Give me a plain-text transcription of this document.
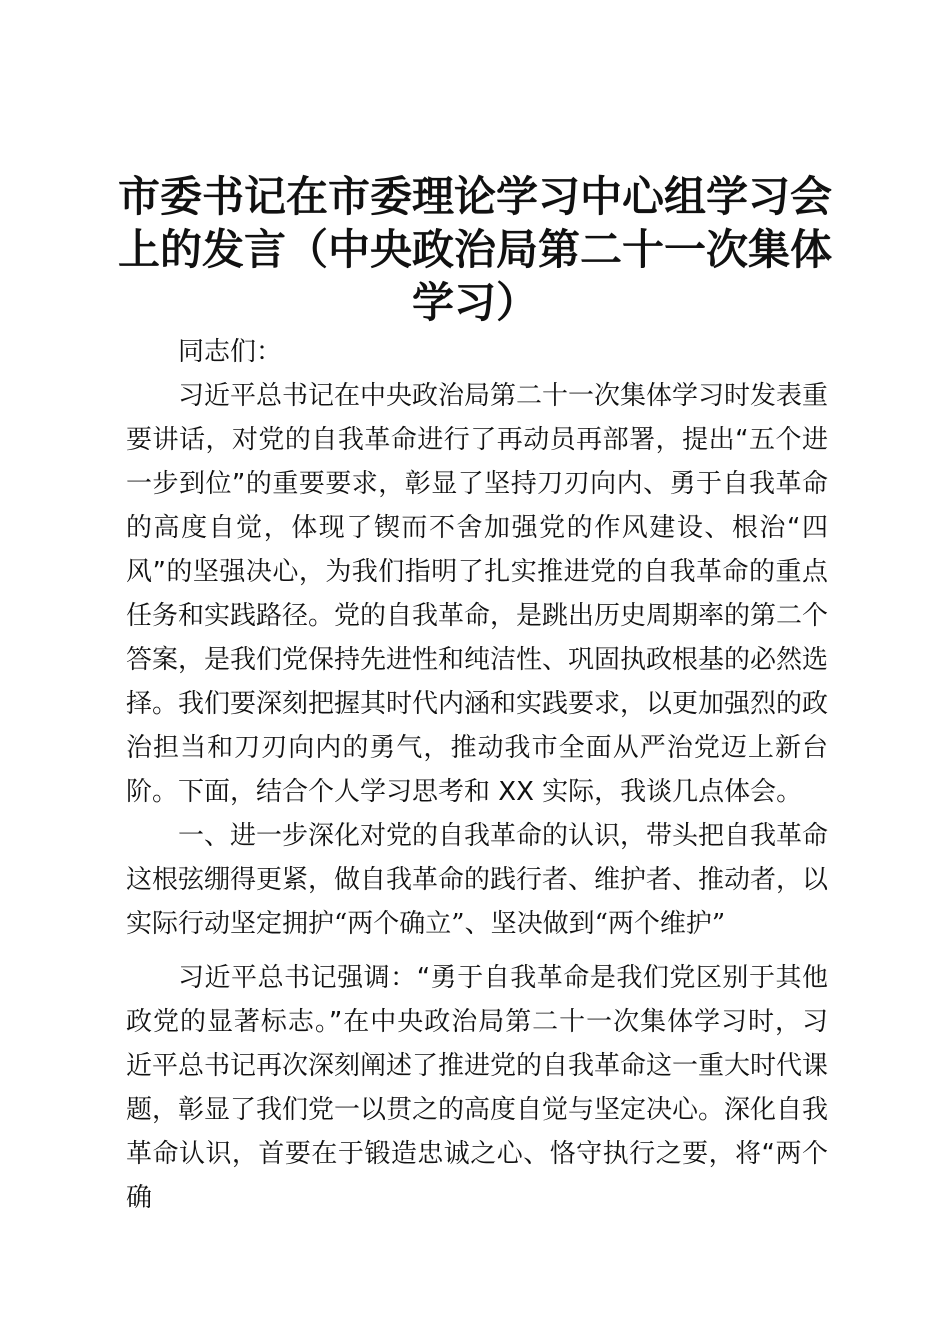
市委书记在市委理论学习中心组学习会上的发言（中央政治局第二十一次集体学习）

同志们：

习近平总书记在中央政治局第二十一次集体学习时发表重要讲话，对党的自我革命进行了再动员再部署，提出“五个进一步到位”的重要要求，彰显了坚持刀刃向内、勇于自我革命的高度自觉，体现了锲而不舍加强党的作风建设、根治“四风”的坚强决心，为我们指明了扎实推进党的自我革命的重点任务和实践路径。党的自我革命，是跳出历史周期率的第二个答案，是我们党保持先进性和纯洁性、巩固执政根基的必然选择。我们要深刻把握其时代内涵和实践要求，以更加强烈的政治担当和刀刃向内的勇气，推动我市全面从严治党迈上新台阶。下面，结合个人学习思考和 XX 实际，我谈几点体会。

一、进一步深化对党的自我革命的认识，带头把自我革命这根弦绷得更紧，做自我革命的践行者、维护者、推动者，以实际行动坚定拥护“两个确立”、坚决做到“两个维护”

习近平总书记强调：“勇于自我革命是我们党区别于其他政党的显著标志。”在中央政治局第二十一次集体学习时，习近平总书记再次深刻阐述了推进党的自我革命这一重大时代课题，彰显了我们党一以贯之的高度自觉与坚定决心。深化自我革命认识，首要在于锻造忠诚之心、恪守执行之要，将“两个确
